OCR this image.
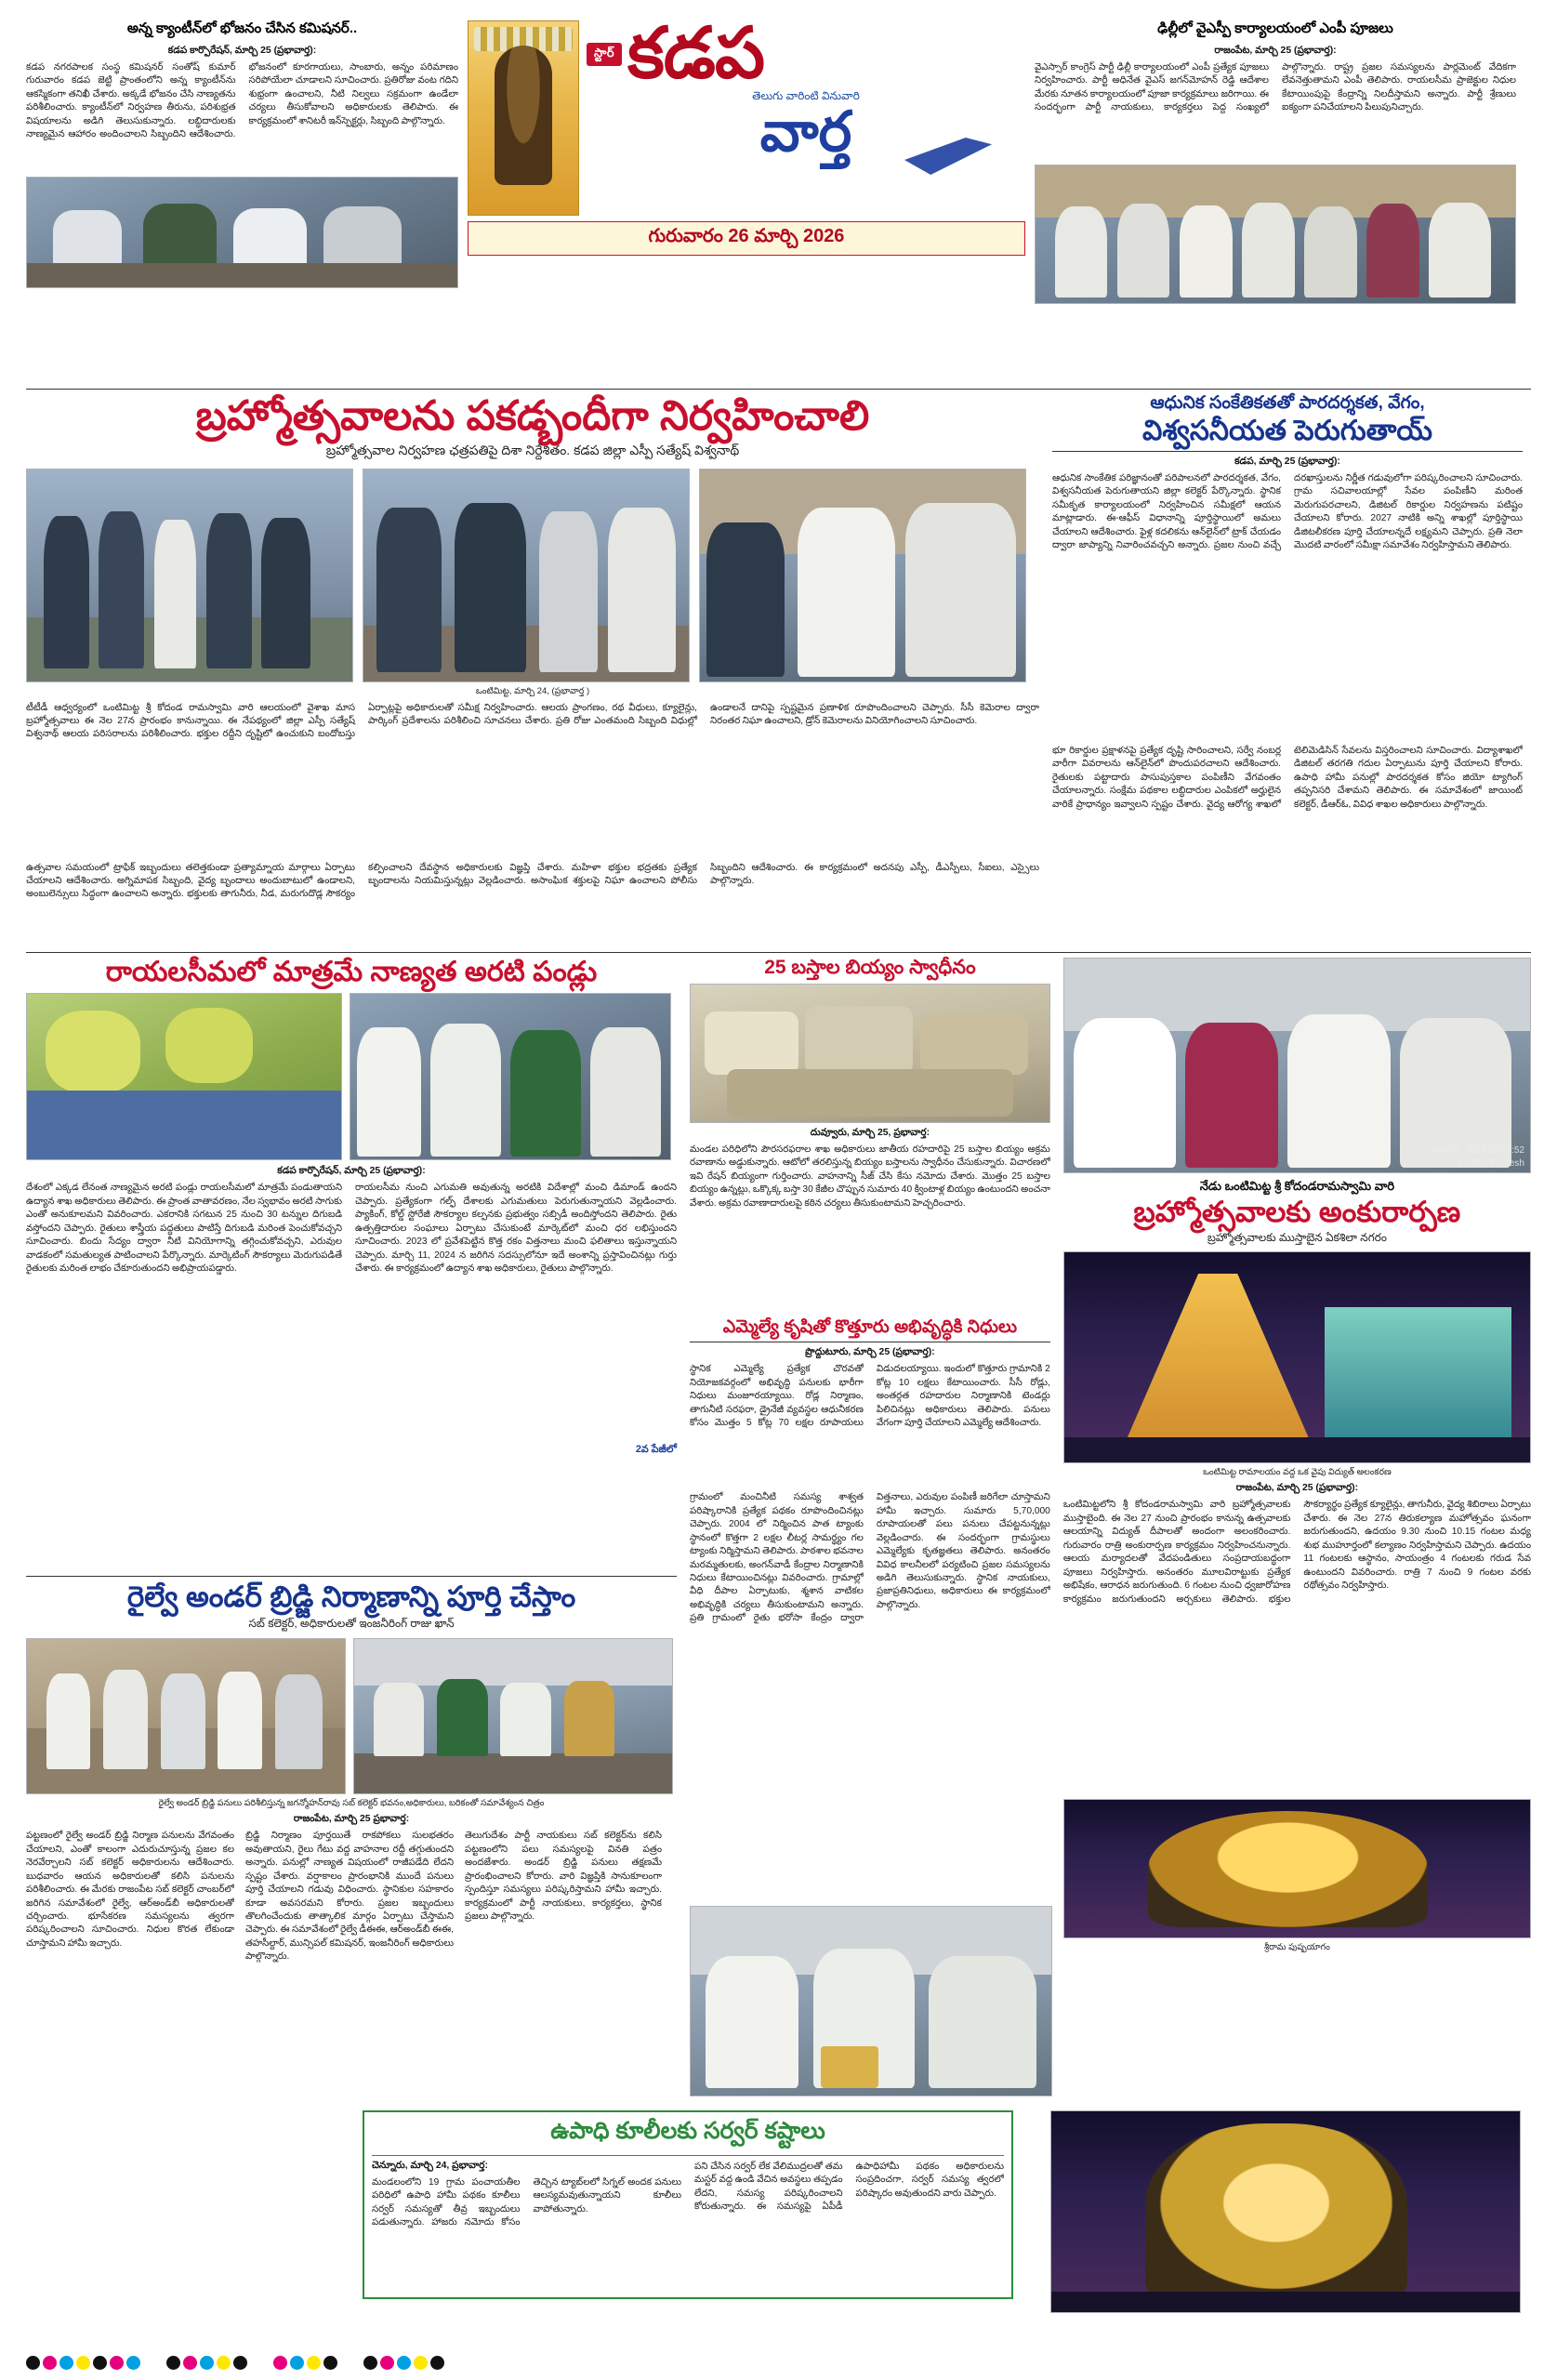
అన్న క్యాంటీన్‌లో భోజనం చేసిన కమిషనర్..
కడప కార్పొరేషన్, మార్చి 25 (ప్రభావార్త):
కడప నగరపాలక సంస్థ కమిషనర్ సంతోష్‌ కుమార్ గురువారం కడప జెట్టి ప్రాంతంలోని అన్న క్యాంటీన్‌ను ఆకస్మికంగా తనిఖీ చేశారు. అక్కడే భోజనం చేసి నాణ్యతను పరిశీలించారు. క్యాంటీన్‌లో నిర్వహణ తీరును, పరిశుభ్రత విషయాలను అడిగి తెలుసుకున్నారు. లబ్ధిదారులకు నాణ్యమైన ఆహారం అందించాలని సిబ్బందిని ఆదేశించారు. భోజనంలో కూరగాయలు, సాంబారు, అన్నం పరిమాణం సరిపోయేలా చూడాలని సూచించారు. ప్రతిరోజు వంట గదిని శుభ్రంగా ఉంచాలని, నీటి నిల్వలు సక్రమంగా ఉండేలా చర్యలు తీసుకోవాలని అధికారులకు తెలిపారు. ఈ కార్యక్రమంలో శానిటరీ ఇన్‌స్పెక్టర్లు, సిబ్బంది పాల్గొన్నారు.
స్టార్ కడప
తెలుగు వారింటి వినువారి
వార్త
గురువారం 26 మార్చి 2026
ఢిల్లీలో వైఎస్పీ కార్యాలయంలో ఎంపీ పూజలు
రాజంపేట, మార్చి 25 (ప్రభావార్త):
వైఎస్సార్‌ కాంగ్రెస్ పార్టీ ఢిల్లీ కార్యాలయంలో ఎంపీ ప్రత్యేక పూజలు నిర్వహించారు. పార్టీ అధినేత వైఎస్ జగన్‌మోహన్‌ రెడ్డి ఆదేశాల మేరకు నూతన కార్యాలయంలో పూజా కార్యక్రమాలు జరిగాయి. ఈ సందర్భంగా పార్టీ నాయకులు, కార్యకర్తలు పెద్ద సంఖ్యలో పాల్గొన్నారు. రాష్ట్ర ప్రజల సమస్యలను పార్లమెంట్ వేదికగా లేవనెత్తుతామని ఎంపీ తెలిపారు. రాయలసీమ ప్రాజెక్టుల నిధుల కేటాయింపుపై కేంద్రాన్ని నిలదీస్తామని అన్నారు. పార్టీ శ్రేణులు ఐక్యంగా పనిచేయాలని పిలుపునిచ్చారు.
బ్రహ్మోత్సవాలను పకడ్బందీగా నిర్వహించాలి
బ్రహ్మోత్సవాల నిర్వహణ ఛత్రపతిపై దిశా నిర్దేశితం. కడప జిల్లా ఎస్పీ సత్యేష్ విశ్వనాథ్
ఒంటిమిట్ట, మార్చి 24, (ప్రభావార్త )
టీటీడీ ఆధ్వర్యంలో ఒంటిమిట్ట శ్రీ కోదండ రామస్వామి వారి ఆలయంలో వైశాఖ మాస బ్రహ్మోత్సవాలు ఈ నెల 27న ప్రారంభం కానున్నాయి. ఈ నేపథ్యంలో జిల్లా ఎస్పీ సత్యేష్ విశ్వనాథ్ ఆలయ పరిసరాలను పరిశీలించారు. భక్తుల రద్దీని దృష్టిలో ఉంచుకుని బందోబస్తు ఏర్పాట్లపై అధికారులతో సమీక్ష నిర్వహించారు. ఆలయ ప్రాంగణం, రథ వీధులు, క్యూలైన్లు, పార్కింగ్ ప్రదేశాలను పరిశీలించి సూచనలు చేశారు. ప్రతి రోజు ఎంతమంది సిబ్బంది విధుల్లో ఉండాలనే దానిపై స్పష్టమైన ప్రణాళిక రూపొందించాలని చెప్పారు. సీసీ కెమెరాల ద్వారా నిరంతర నిఘా ఉంచాలని, డ్రోన్ కెమెరాలను వినియోగించాలని సూచించారు.
ఉత్సవాల సమయంలో ట్రాఫిక్ ఇబ్బందులు తలెత్తకుండా ప్రత్యామ్నాయ మార్గాలు ఏర్పాటు చేయాలని ఆదేశించారు. అగ్నిమాపక సిబ్బంది, వైద్య బృందాలు అందుబాటులో ఉండాలని, అంబులెన్సులు సిద్ధంగా ఉంచాలని అన్నారు. భక్తులకు తాగునీరు, నీడ, మరుగుదొడ్ల సౌకర్యం కల్పించాలని దేవస్థాన అధికారులకు విజ్ఞప్తి చేశారు. మహిళా భక్తుల భద్రతకు ప్రత్యేక బృందాలను నియమిస్తున్నట్లు వెల్లడించారు. అసాంఘిక శక్తులపై నిఘా ఉంచాలని పోలీసు సిబ్బందిని ఆదేశించారు. ఈ కార్యక్రమంలో అదనపు ఎస్పీ, డీఎస్పీలు, సీఐలు, ఎస్సైలు పాల్గొన్నారు.
ఆధునిక సంకేతికతతో పారదర్శకత, వేగం,
విశ్వసనీయత పెరుగుతాయ్
కడప, మార్చి 25 (ప్రభావార్త):
ఆధునిక సాంకేతిక పరిజ్ఞానంతో పరిపాలనలో పారదర్శకత, వేగం, విశ్వసనీయత పెరుగుతాయని జిల్లా కలెక్టర్ పేర్కొన్నారు. స్థానిక సమీకృత కార్యాలయంలో నిర్వహించిన సమీక్షలో ఆయన మాట్లాడారు. ఈ-ఆఫీస్ విధానాన్ని పూర్తిస్థాయిలో అమలు చేయాలని ఆదేశించారు. ఫైళ్ల కదలికను ఆన్‌లైన్‌లో ట్రాక్ చేయడం ద్వారా జాప్యాన్ని నివారించవచ్చని అన్నారు. ప్రజల నుంచి వచ్చే దరఖాస్తులను నిర్ణీత గడువులోగా పరిష్కరించాలని సూచించారు. గ్రామ సచివాలయాల్లో సేవల పంపిణీని మరింత మెరుగుపరచాలని, డిజిటల్ రికార్డుల నిర్వహణను పటిష్టం చేయాలని కోరారు. 2027 నాటికి అన్ని శాఖల్లో పూర్తిస్థాయి డిజిటలీకరణ పూర్తి చేయాలన్నదే లక్ష్యమని చెప్పారు. ప్రతి నెలా మొదటి వారంలో సమీక్షా సమావేశం నిర్వహిస్తామని తెలిపారు.
భూ రికార్డుల ప్రక్షాళనపై ప్రత్యేక దృష్టి సారించాలని, సర్వే నంబర్ల వారీగా వివరాలను ఆన్‌లైన్‌లో పొందుపరచాలని ఆదేశించారు. రైతులకు పట్టాదారు పాసుపుస్తకాల పంపిణీని వేగవంతం చేయాలన్నారు. సంక్షేమ పథకాల లబ్ధిదారుల ఎంపికలో అర్హులైన వారికే ప్రాధాన్యం ఇవ్వాలని స్పష్టం చేశారు. వైద్య ఆరోగ్య శాఖలో టెలిమెడిసిన్ సేవలను విస్తరించాలని సూచించారు. విద్యాశాఖలో డిజిటల్ తరగతి గదుల ఏర్పాటును పూర్తి చేయాలని కోరారు. ఉపాధి హామీ పనుల్లో పారదర్శకత కోసం జియో ట్యాగింగ్ తప్పనిసరి చేశామని తెలిపారు. ఈ సమావేశంలో జాయింట్ కలెక్టర్, డీఆర్‌ఓ, వివిధ శాఖల అధికారులు పాల్గొన్నారు.
రాయలసీమలో మాత్రమే నాణ్యత అరటి పండ్లు
కడప కార్పొరేషన్, మార్చి 25 (ప్రభావార్త):
దేశంలో ఎక్కడ లేనంత నాణ్యమైన అరటి పండ్లు రాయలసీమలో మాత్రమే పండుతాయని ఉద్యాన శాఖ అధికారులు తెలిపారు. ఈ ప్రాంత వాతావరణం, నేల స్వభావం అరటి సాగుకు ఎంతో అనుకూలమని వివరించారు. ఎకరానికి సగటున 25 నుంచి 30 టన్నుల దిగుబడి వస్తోందని చెప్పారు. రైతులు శాస్త్రీయ పద్ధతులు పాటిస్తే దిగుబడి మరింత పెంచుకోవచ్చని సూచించారు. బిందు సేద్యం ద్వారా నీటి వినియోగాన్ని తగ్గించుకోవచ్చని, ఎరువుల వాడకంలో సమతుల్యత పాటించాలని పేర్కొన్నారు. మార్కెటింగ్ సౌకర్యాలు మెరుగుపడితే రైతులకు మరింత లాభం చేకూరుతుందని అభిప్రాయపడ్డారు.
రాయలసీమ నుంచి ఎగుమతి అవుతున్న అరటికి విదేశాల్లో మంచి డిమాండ్ ఉందని చెప్పారు. ప్రత్యేకంగా గల్ఫ్ దేశాలకు ఎగుమతులు పెరుగుతున్నాయని వెల్లడించారు. ప్యాకింగ్, కోల్డ్ స్టోరేజీ సౌకర్యాల కల్పనకు ప్రభుత్వం సబ్సిడీ అందిస్తోందని తెలిపారు. రైతు ఉత్పత్తిదారుల సంఘాలు ఏర్పాటు చేసుకుంటే మార్కెట్‌లో మంచి ధర లభిస్తుందని సూచించారు. 2023 లో ప్రవేశపెట్టిన కొత్త రకం విత్తనాలు మంచి ఫలితాలు ఇస్తున్నాయని చెప్పారు. మార్చి 11, 2024 న జరిగిన సదస్సులోనూ ఇదే అంశాన్ని ప్రస్తావించినట్లు గుర్తు చేశారు. ఈ కార్యక్రమంలో ఉద్యాన శాఖ అధికారులు, రైతులు పాల్గొన్నారు.
2వ పేజీలో
25 బస్తాల బియ్యం స్వాధీనం
దువ్వూరు, మార్చి 25, ప్రభావార్త:
మండల పరిధిలోని పౌరసరఫరాల శాఖ అధికారులు జాతీయ రహదారిపై 25 బస్తాల బియ్యం అక్రమ రవాణాను అడ్డుకున్నారు. ఆటోలో తరలిస్తున్న బియ్యం బస్తాలను స్వాధీనం చేసుకున్నారు. విచారణలో ఇవి రేషన్ బియ్యంగా గుర్తించారు. వాహనాన్ని సీజ్ చేసి కేసు నమోదు చేశారు. మొత్తం 25 బస్తాల బియ్యం ఉన్నట్లు, ఒక్కొక్క బస్తా 30 కేజీల చొప్పున సుమారు 40 క్వింటాళ్ల బియ్యం ఉంటుందని అంచనా వేశారు. అక్రమ రవాణాదారులపై కఠిన చర్యలు తీసుకుంటామని హెచ్చరించారు.
ఎమ్మెల్యే కృషితో కొత్తూరు అభివృద్ధికి నిధులు
ప్రొద్దుటూరు, మార్చి 25 (ప్రభావార్త):
స్థానిక ఎమ్మెల్యే ప్రత్యేక చొరవతో నియోజకవర్గంలో అభివృద్ధి పనులకు భారీగా నిధులు మంజూరయ్యాయి. రోడ్ల నిర్మాణం, తాగునీటి సరఫరా, డ్రైనేజీ వ్యవస్థల ఆధునీకరణ కోసం మొత్తం 5 కోట్ల 70 లక్షల రూపాయలు విడుదలయ్యాయి. ఇందులో కొత్తూరు గ్రామానికి 2 కోట్ల 10 లక్షలు కేటాయించారు. సీసీ రోడ్లు, అంతర్గత రహదారుల నిర్మాణానికి టెండర్లు పిలిచినట్లు అధికారులు తెలిపారు. పనులు వేగంగా పూర్తి చేయాలని ఎమ్మెల్యే ఆదేశించారు.
గ్రామంలో మంచినీటి సమస్య శాశ్వత పరిష్కారానికి ప్రత్యేక పథకం రూపొందించినట్లు చెప్పారు. 2004 లో నిర్మించిన పాత ట్యాంకు స్థానంలో కొత్తగా 2 లక్షల లీటర్ల సామర్థ్యం గల ట్యాంకు నిర్మిస్తామని తెలిపారు. పాఠశాల భవనాల మరమ్మతులకు, అంగన్‌వాడీ కేంద్రాల నిర్మాణానికి నిధులు కేటాయించినట్లు వివరించారు. గ్రామాల్లో వీధి దీపాల ఏర్పాటుకు, శ్మశాన వాటికల అభివృద్ధికి చర్యలు తీసుకుంటామని అన్నారు. ప్రతి గ్రామంలో రైతు భరోసా కేంద్రం ద్వారా విత్తనాలు, ఎరువుల పంపిణీ జరిగేలా చూస్తామని హామీ ఇచ్చారు. సుమారు 5,70,000 రూపాయలతో పలు పనులు చేపట్టనున్నట్లు వెల్లడించారు. ఈ సందర్భంగా గ్రామస్థులు ఎమ్మెల్యేకు కృతజ్ఞతలు తెలిపారు. అనంతరం వివిధ కాలనీలలో పర్యటించి ప్రజల సమస్యలను అడిగి తెలుసుకున్నారు. స్థానిక నాయకులు, ప్రజాప్రతినిధులు, అధికారులు ఈ కార్యక్రమంలో పాల్గొన్నారు.
Mar 25, 2026 10:29:52
Andhra Pradesh
నేడు ఒంటిమిట్ట శ్రీ కోదండరామస్వామి వారి
బ్రహ్మోత్సవాలకు అంకురార్పణ
బ్రహ్మోత్సవాలకు ముస్తాబైన ఏకశిలా నగరం
ఒంటిమిట్ట రామాలయం వద్ద ఒక వైపు విద్యుత్ అలంకరణ
రాజంపేట, మార్చి 25 (ప్రభావార్త):
ఒంటిమిట్టలోని శ్రీ కోదండరామస్వామి వారి బ్రహ్మోత్సవాలకు ముస్తాబైంది. ఈ నెల 27 నుంచి ప్రారంభం కానున్న ఉత్సవాలకు ఆలయాన్ని విద్యుత్ దీపాలతో అందంగా అలంకరించారు. గురువారం రాత్రి అంకురార్పణ కార్యక్రమం నిర్వహించనున్నారు. ఆలయ మర్యాదలతో వేదపండితులు సంప్రదాయబద్ధంగా పూజలు నిర్వహిస్తారు. అనంతరం మూలవిరాట్టుకు ప్రత్యేక అభిషేకం, ఆరాధన జరుగుతుంది. 6 గంటల నుంచి ధ్వజారోహణ కార్యక్రమం జరుగుతుందని అర్చకులు తెలిపారు. భక్తుల సౌకర్యార్థం ప్రత్యేక క్యూలైన్లు, తాగునీరు, వైద్య శిబిరాలు ఏర్పాటు చేశారు. ఈ నెల 27న తిరుకల్యాణ మహోత్సవం ఘనంగా జరుగుతుందని, ఉదయం 9.30 నుంచి 10.15 గంటల మధ్య శుభ ముహూర్తంలో కల్యాణం నిర్వహిస్తామని చెప్పారు. ఉదయం 11 గంటలకు ఆస్థానం, సాయంత్రం 4 గంటలకు గరుడ సేవ ఉంటుందని వివరించారు. రాత్రి 7 నుంచి 9 గంటల వరకు రథోత్సవం నిర్వహిస్తారు.
శ్రీరామ పుష్పయాగం
రైల్వే అండర్ బ్రిడ్జి నిర్మాణాన్ని పూర్తి చేస్తాం
సబ్ కలెక్టర్, అధికారులతో ఇంజనీరింగ్ రాజు ఖాన్
రైల్వే అండర్ బ్రిడ్జి పనులు పరిశీలిస్తున్న జగన్మోహన్‌రావు సబ్ కలెక్టర్ భవనం,అధికారులు, బరికంతో సమావేశ్యంన చిత్రం
రాజంపేట, మార్చి 25 ప్రభావార్త:
పట్టణంలో రైల్వే అండర్ బ్రిడ్జి నిర్మాణ పనులను వేగవంతం చేయాలని, ఎంతో కాలంగా ఎదురుచూస్తున్న ప్రజల కల నెరవేర్చాలని సబ్ కలెక్టర్ అధికారులను ఆదేశించారు. బుధవారం ఆయన అధికారులతో కలిసి పనులను పరిశీలించారు. ఈ మేరకు రాజంపేట సబ్ కలెక్టర్ చాంబర్‌లో జరిగిన సమావేశంలో రైల్వే, ఆర్‌అండ్‌బీ అధికారులతో చర్చించారు. భూసేకరణ సమస్యలను త్వరగా పరిష్కరించాలని సూచించారు. నిధుల కొరత లేకుండా చూస్తామని హామీ ఇచ్చారు.
బ్రిడ్జి నిర్మాణం పూర్తయితే రాకపోకలు సులభతరం అవుతాయని, రైలు గేటు వద్ద వాహనాల రద్దీ తగ్గుతుందని అన్నారు. పనుల్లో నాణ్యత విషయంలో రాజీపడేది లేదని స్పష్టం చేశారు. వర్షాకాలం ప్రారంభానికి ముందే పనులు పూర్తి చేయాలని గడువు విధించారు. స్థానికుల సహకారం కూడా అవసరమని కోరారు. ప్రజల ఇబ్బందులు తొలగించేందుకు తాత్కాలిక మార్గం ఏర్పాటు చేస్తామని చెప్పారు. ఈ సమావేశంలో రైల్వే డీఈఈ, ఆర్‌అండ్‌బీ ఈఈ, తహసీల్దార్, మున్సిపల్ కమిషనర్, ఇంజనీరింగ్ అధికారులు పాల్గొన్నారు.
తెలుగుదేశం పార్టీ నాయకులు సబ్ కలెక్టర్‌ను కలిసి పట్టణంలోని పలు సమస్యలపై వినతి పత్రం అందజేశారు. అండర్ బ్రిడ్జి పనులు తక్షణమే ప్రారంభించాలని కోరారు. వారి విజ్ఞప్తికి సానుకూలంగా స్పందిస్తూ సమస్యలు పరిష్కరిస్తామని హామీ ఇచ్చారు. కార్యక్రమంలో పార్టీ నాయకులు, కార్యకర్తలు, స్థానిక ప్రజలు పాల్గొన్నారు.
ఉపాధి కూలీలకు సర్వర్ కష్టాలు
చెన్నూరు, మార్చి 24, ప్రభావార్త:
మండలంలోని 19 గ్రామ పంచాయతీల పరిధిలో ఉపాధి హామీ పథకం కూలీలు సర్వర్ సమస్యతో తీవ్ర ఇబ్బందులు పడుతున్నారు. హాజరు నమోదు కోసం తెచ్చిన ట్యాబ్‌లలో సిగ్నల్ అందక పనులు ఆలస్యమవుతున్నాయని కూలీలు వాపోతున్నారు.
పని చేసిన సర్వర్ లేక వేలిముద్రలతో తమ మస్టర్ వద్ద ఉండి వేచిన అవస్థలు తప్పడం లేదని, సమస్య పరిష్కరించాలని కోరుతున్నారు. ఈ సమస్యపై ఏపీడీ ఉపాధిహామీ పథకం అధికారులను సంప్రదించగా, సర్వర్ సమస్య త్వరలో పరిష్కారం అవుతుందని వారు చెప్పారు.
